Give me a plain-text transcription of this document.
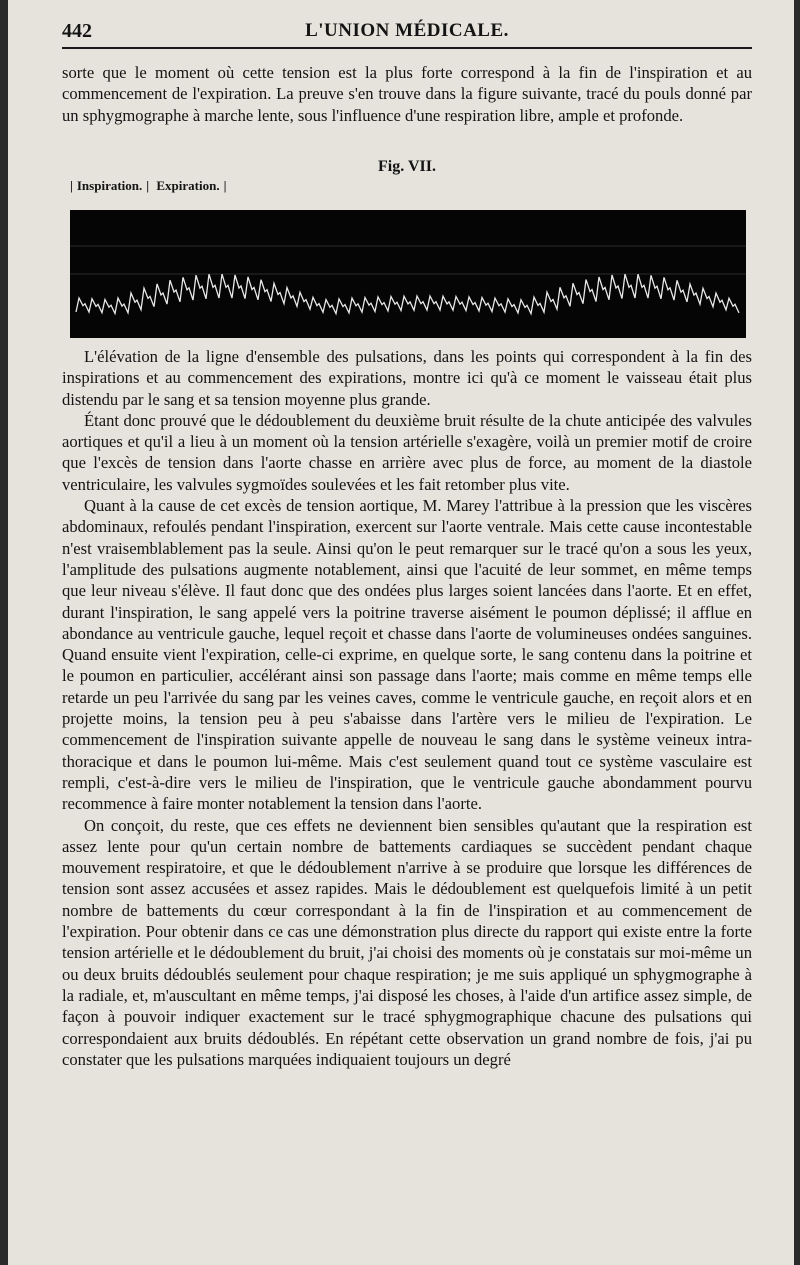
442	L'UNION MÉDICALE.

sorte que le moment où cette tension est la plus forte correspond à la fin de l'inspiration et au commencement de l'expiration. La preuve s'en trouve dans la figure suivante, tracé du pouls donné par un sphygmographe à marche lente, sous l'influence d'une respiration libre, ample et profonde.

Fig. VII.
| Inspiration. | Expiration. |

L'élévation de la ligne d'ensemble des pulsations, dans les points qui correspondent à la fin des inspirations et au commencement des expirations, montre ici qu'à ce moment le vaisseau était plus distendu par le sang et sa tension moyenne plus grande.

Étant donc prouvé que le dédoublement du deuxième bruit résulte de la chute anticipée des valvules aortiques et qu'il a lieu à un moment où la tension artérielle s'exagère, voilà un premier motif de croire que l'excès de tension dans l'aorte chasse en arrière avec plus de force, au moment de la diastole ventriculaire, les valvules sygmoïdes soulevées et les fait retomber plus vite.

Quant à la cause de cet excès de tension aortique, M. Marey l'attribue à la pression que les viscères abdominaux, refoulés pendant l'inspiration, exercent sur l'aorte ventrale. Mais cette cause incontestable n'est vraisemblablement pas la seule. Ainsi qu'on le peut remarquer sur le tracé qu'on a sous les yeux, l'amplitude des pulsations augmente notablement, ainsi que l'acuité de leur sommet, en même temps que leur niveau s'élève. Il faut donc que des ondées plus larges soient lancées dans l'aorte. Et en effet, durant l'inspiration, le sang appelé vers la poitrine traverse aisément le poumon déplissé; il afflue en abondance au ventricule gauche, lequel reçoit et chasse dans l'aorte de volumineuses ondées sanguines. Quand ensuite vient l'expiration, celle-ci exprime, en quelque sorte, le sang contenu dans la poitrine et le poumon en particulier, accélérant ainsi son passage dans l'aorte; mais comme en même temps elle retarde un peu l'arrivée du sang par les veines caves, comme le ventricule gauche, en reçoit alors et en projette moins, la tension peu à peu s'abaisse dans l'artère vers le milieu de l'expiration. Le commencement de l'inspiration suivante appelle de nouveau le sang dans le système veineux intra-thoracique et dans le poumon lui-même. Mais c'est seulement quand tout ce système vasculaire est rempli, c'est-à-dire vers le milieu de l'inspiration, que le ventricule gauche abondamment pourvu recommence à faire monter notablement la tension dans l'aorte.

On conçoit, du reste, que ces effets ne deviennent bien sensibles qu'autant que la respiration est assez lente pour qu'un certain nombre de battements cardiaques se succèdent pendant chaque mouvement respiratoire, et que le dédoublement n'arrive à se produire que lorsque les différences de tension sont assez accusées et assez rapides. Mais le dédoublement est quelquefois limité à un petit nombre de battements du cœur correspondant à la fin de l'inspiration et au commencement de l'expiration. Pour obtenir dans ce cas une démonstration plus directe du rapport qui existe entre la forte tension artérielle et le dédoublement du bruit, j'ai choisi des moments où je constatais sur moi-même un ou deux bruits dédoublés seulement pour chaque respiration; je me suis appliqué un sphygmographe à la radiale, et, m'auscultant en même temps, j'ai disposé les choses, à l'aide d'un artifice assez simple, de façon à pouvoir indiquer exactement sur le tracé sphygmographique chacune des pulsations qui correspondaient aux bruits dédoublés. En répétant cette observation un grand nombre de fois, j'ai pu constater que les pulsations marquées indiquaient toujours un degré
